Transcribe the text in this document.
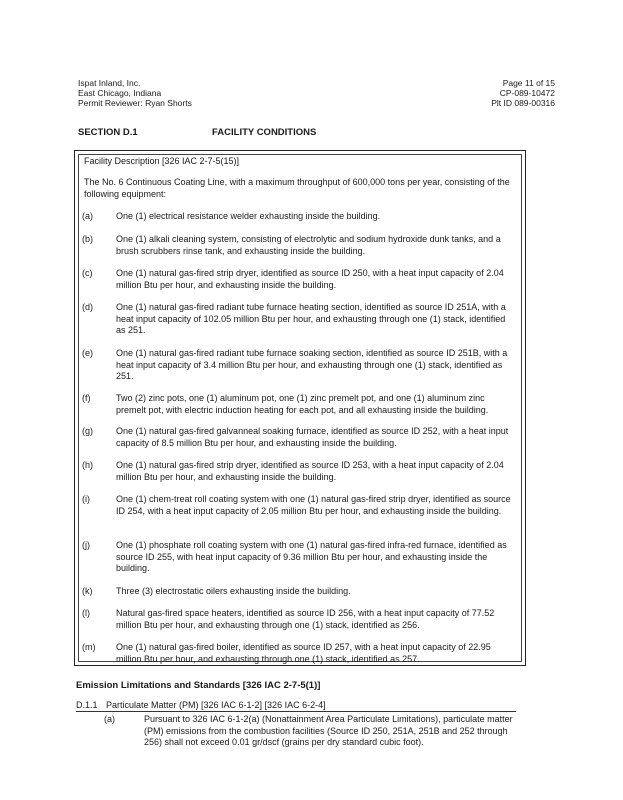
Ispat Inland, Inc.
East Chicago, Indiana
Permit Reviewer: Ryan Shorts
Page 11 of 15
CP-089-10472
Plt ID 089-00316
SECTION D.1	FACILITY CONDITIONS
Facility Description [326 IAC 2-7-5(15)]
The No. 6 Continuous Coating Line, with a maximum throughput of 600,000 tons per year, consisting of the following equipment:
(a)	One (1) electrical resistance welder exhausting inside the building.
(b)	One (1) alkali cleaning system, consisting of electrolytic and sodium hydroxide dunk tanks, and a brush scrubbers rinse tank, and exhausting inside the building.
(c)	One (1) natural gas-fired strip dryer, identified as source ID 250, with a heat input capacity of 2.04 million Btu per hour, and exhausting inside the building.
(d)	One (1) natural gas-fired radiant tube furnace heating section, identified as source ID 251A, with a heat input capacity of 102.05 million Btu per hour, and exhausting through one (1) stack, identified as 251.
(e)	One (1) natural gas-fired radiant tube furnace soaking section, identified as source ID 251B, with a heat input capacity of 3.4 million Btu per hour, and exhausting through one (1) stack, identified as 251.
(f)	Two (2) zinc pots, one (1) aluminum pot, one (1) zinc premelt pot, and one (1) aluminum zinc premelt pot, with electric induction heating for each pot, and all exhausting inside the building.
(g)	One (1) natural gas-fired galvanneal soaking furnace, identified as source ID 252, with a heat input capacity of 8.5 million Btu per hour, and exhausting inside the building.
(h)	One (1) natural gas-fired strip dryer, identified as source ID 253, with a heat input capacity of 2.04 million Btu per hour, and exhausting inside the building.
(i)	One (1) chem-treat roll coating system with one (1) natural gas-fired strip dryer, identified as source ID 254, with a heat input capacity of 2.05 million Btu per hour, and exhausting inside the building.
(j)	One (1) phosphate roll coating system with one (1) natural gas-fired infra-red furnace, identified as source ID 255, with heat input capacity of 9.36 million Btu per hour, and exhausting inside the building.
(k)	Three (3) electrostatic oilers exhausting inside the building.
(l)	Natural gas-fired space heaters, identified as source ID 256, with a heat input capacity of 77.52 million Btu per hour, and exhausting through one (1) stack, identified as 256.
(m)	One (1) natural gas-fired boiler, identified as source ID 257, with a heat input capacity of 22.95 million Btu per hour, and exhausting through one (1) stack, identified as 257.
Emission Limitations and Standards [326 IAC 2-7-5(1)]
D.1.1 Particulate Matter (PM) [326 IAC 6-1-2] [326 IAC 6-2-4]
(a)	Pursuant to 326 IAC 6-1-2(a) (Nonattainment Area Particulate Limitations), particulate matter (PM) emissions from the combustion facilities (Source ID 250, 251A, 251B and 252 through 256) shall not exceed 0.01 gr/dscf (grains per dry standard cubic foot).
